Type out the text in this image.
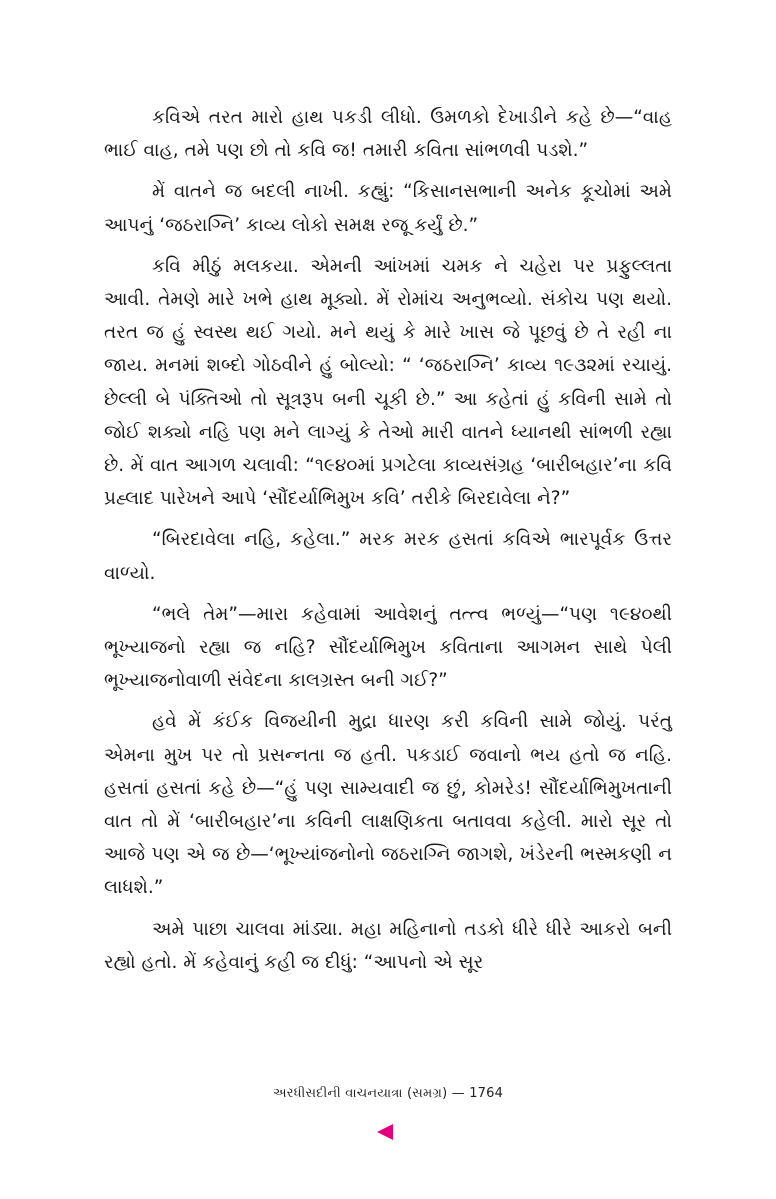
કવિએ તરત મારો હાથ પકડી લીધો. ઉમળકો દેખાડીને કહે છે—“વાહ ભાઈ વાહ, તમે પણ છો તો કવિ જ! તમારી કવિતા સાંભળવી પડશે.”

મેં વાતને જ બદલી નાખી. કહ્યું: “કિસાનસભાની અનેક કૂચોમાં અમે આપનું ‘જઠરાગ્નિ’ કાવ્ય લોકો સમક્ષ રજૂ કર્યું છે.”

કવિ મીઠું મલકયા. એમની આંખમાં ચમક ને ચહેરા પર પ્રફુલ્લતા આવી. તેમણે મારે ખભે હાથ મૂક્યો. મેં રોમાંચ અનુભવ્યો. સંકોચ પણ થયો. તરત જ હું સ્વસ્થ થઈ ગયો. મને થયું કે મારે ખાસ જે પૂછવું છે તે રહી ના જાય. મનમાં શબ્દો ગોઠવીને હું બોલ્યો: “ ‘જઠરાગ્નિ’ કાવ્ય ૧૯૩૨માં રચાયું. છેલ્લી બે પંક્તિઓ તો સૂત્રરૂપ બની ચૂકી છે.” આ કહેતાં હું કવિની સામે તો જોઈ શક્યો નહિ પણ મને લાગ્યું કે તેઓ મારી વાતને ધ્યાનથી સાંભળી રહ્યા છે. મેં વાત આગળ ચલાવી: “૧૯૪૦માં પ્રગટેલા કાવ્યસંગ્રહ ‘બારીબહાર’ના કવિ પ્રહ્લાદ પારેખને આપે ‘સૌંદર્યાભિમુખ કવિ’ તરીકે બિરદાવેલા ને?”

“બિરદાવેલા નહિ, કહેલા.” મરક મરક હસતાં કવિએ ભારપૂર્વક ઉત્તર વાળ્યો.

“ભલે તેમ”—મારા કહેવામાં આવેશનું તત્ત્વ ભળ્યું—“પણ ૧૯૪૦થી ભૂખ્યાજનો રહ્યા જ નહિ? સૌંદર્યાભિમુખ કવિતાના આગમન સાથે પેલી ભૂખ્યાજનોવાળી સંવેદના કાલગ્રસ્ત બની ગઈ?”

હવે મેં કંઈક વિજયીની મુદ્રા ધારણ કરી કવિની સામે જોયું. પરંતુ એમના મુખ પર તો પ્રસન્નતા જ હતી. પકડાઈ જવાનો ભય હતો જ નહિ. હસતાં હસતાં કહે છે—“હું પણ સામ્યવાદી જ છું, કોમરેડ! સૌંદર્યાભિમુખતાની વાત તો મેં ‘બારીબહાર’ના કવિની લાક્ષણિકતા બતાવવા કહેલી. મારો સૂર તો આજે પણ એ જ છે—‘ભૂખ્યાંજનોનો જઠરાગ્નિ જાગશે, ખંડેરની ભસ્મકણી ન લાધશે.”

અમે પાછા ચાલવા માંડ્યા. મહા મહિનાનો તડકો ધીરે ધીરે આકરો બની રહ્યો હતો. મેં કહેવાનું કહી જ દીધું: “આપનો એ સૂર

અરધીસદીની વાચનયાત્રા (સમગ્ર) — 1764
